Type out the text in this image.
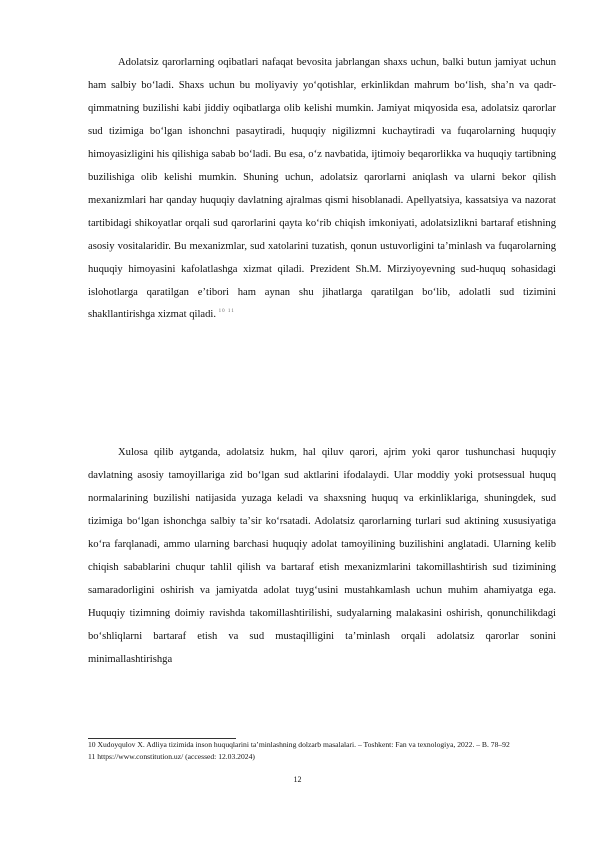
Adolatsiz qarorlarning oqibatlari nafaqat bevosita jabrlangan shaxs uchun, balki butun jamiyat uchun ham salbiy boʻladi. Shaxs uchun bu moliyaviy yoʻqotishlar, erkinlikdan mahrum boʻlish, shaʼn va qadr-qimmatning buzilishi kabi jiddiy oqibatlarga olib kelishi mumkin. Jamiyat miqyosida esa, adolatsiz qarorlar sud tizimiga boʻlgan ishonchni pasaytiradi, huquqiy nigilizmni kuchaytiradi va fuqarolarning huquqiy himoyasizligini his qilishiga sabab boʻladi. Bu esa, oʻz navbatida, ijtimoiy beqarorlikka va huquqiy tartibning buzilishiga olib kelishi mumkin. Shuning uchun, adolatsiz qarorlarni aniqlash va ularni bekor qilish mexanizmlari har qanday huquqiy davlatning ajralmas qismi hisoblanadi. Apellyatsiya, kassatsiya va nazorat tartibidagi shikoyatlar orqali sud qarorlarini qayta koʻrib chiqish imkoniyati, adolatsizlikni bartaraf etishning asosiy vositalaridir. Bu mexanizmlar, sud xatolarini tuzatish, qonun ustuvorligini taʼminlash va fuqarolarning huquqiy himoyasini kafolatlashga xizmat qiladi. Prezident Sh.M. Mirziyoyevning sud-huquq sohasidagi islohotlarga qaratilgan eʼtibori ham aynan shu jihatlarga qaratilgan boʻlib, adolatli sud tizimini shakllantirishga xizmat qiladi. $^{10 11}$

Xulosa qilib aytganda, adolatsiz hukm, hal qiluv qarori, ajrim yoki qaror tushunchasi huquqiy davlatning asosiy tamoyillariga zid boʻlgan sud aktlarini ifodalaydi. Ular moddiy yoki protsessual huquq normalarining buzilishi natijasida yuzaga keladi va shaxsning huquq va erkinliklariga, shuningdek, sud tizimiga boʻlgan ishonchga salbiy taʼsir koʻrsatadi. Adolatsiz qarorlarning turlari sud aktining xususiyatiga koʻra farqlanadi, ammo ularning barchasi huquqiy adolat tamoyilining buzilishini anglatadi. Ularning kelib chiqish sabablarini chuqur tahlil qilish va bartaraf etish mexanizmlarini takomillashtirish sud tizimining samaradorligini oshirish va jamiyatda adolat tuygʻusini mustahkamlash uchun muhim ahamiyatga ega. Huquqiy tizimning doimiy ravishda takomillashtirilishi, sudyalarning malakasini oshirish, qonunchilikdagi boʻshliqlarni bartaraf etish va sud mustaqilligini taʼminlash orqali adolatsiz qarorlar sonini minimallashtirishga

10 Xudoyqulov X. Adliya tizimida inson huquqlarini taʼminlashning dolzarb masalalari. – Toshkent: Fan va texnologiya, 2022. – B. 78–92
11 https://www.constitution.uz/ (accessed: 12.03.2024)
12
